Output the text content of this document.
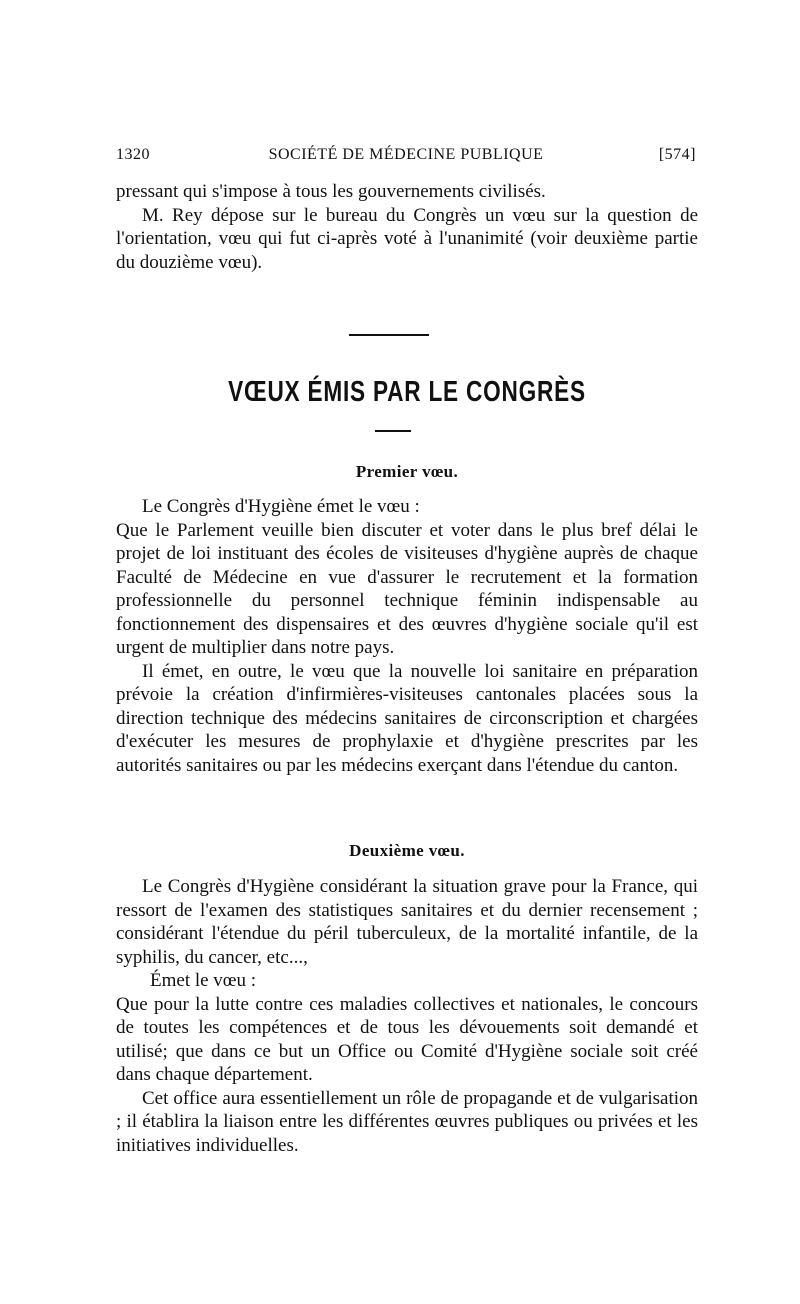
1320	SOCIÉTÉ DE MÉDECINE PUBLIQUE	[574]

pressant qui s'impose à tous les gouvernements civilisés.

M. Rey dépose sur le bureau du Congrès un vœu sur la question de l'orientation, vœu qui fut ci-après voté à l'unanimité (voir deuxième partie du douzième vœu).

VŒUX ÉMIS PAR LE CONGRÈS
Premier vœu.

Le Congrès d'Hygiène émet le vœu :

Que le Parlement veuille bien discuter et voter dans le plus bref délai le projet de loi instituant des écoles de visiteuses d'hygiène auprès de chaque Faculté de Médecine en vue d'assurer le recrutement et la formation professionnelle du personnel technique féminin indispensable au fonctionnement des dispensaires et des œuvres d'hygiène sociale qu'il est urgent de multiplier dans notre pays.

Il émet, en outre, le vœu que la nouvelle loi sanitaire en préparation prévoie la création d'infirmières-visiteuses cantonales placées sous la direction technique des médecins sanitaires de circonscription et chargées d'exécuter les mesures de prophylaxie et d'hygiène prescrites par les autorités sanitaires ou par les médecins exerçant dans l'étendue du canton.

Deuxième vœu.

Le Congrès d'Hygiène considérant la situation grave pour la France, qui ressort de l'examen des statistiques sanitaires et du dernier recensement ; considérant l'étendue du péril tuberculeux, de la mortalité infantile, de la syphilis, du cancer, etc...,

Émet le vœu :

Que pour la lutte contre ces maladies collectives et nationales, le concours de toutes les compétences et de tous les dévouements soit demandé et utilisé; que dans ce but un Office ou Comité d'Hygiène sociale soit créé dans chaque département.

Cet office aura essentiellement un rôle de propagande et de vulgarisation ; il établira la liaison entre les différentes œuvres publiques ou privées et les initiatives individuelles.
